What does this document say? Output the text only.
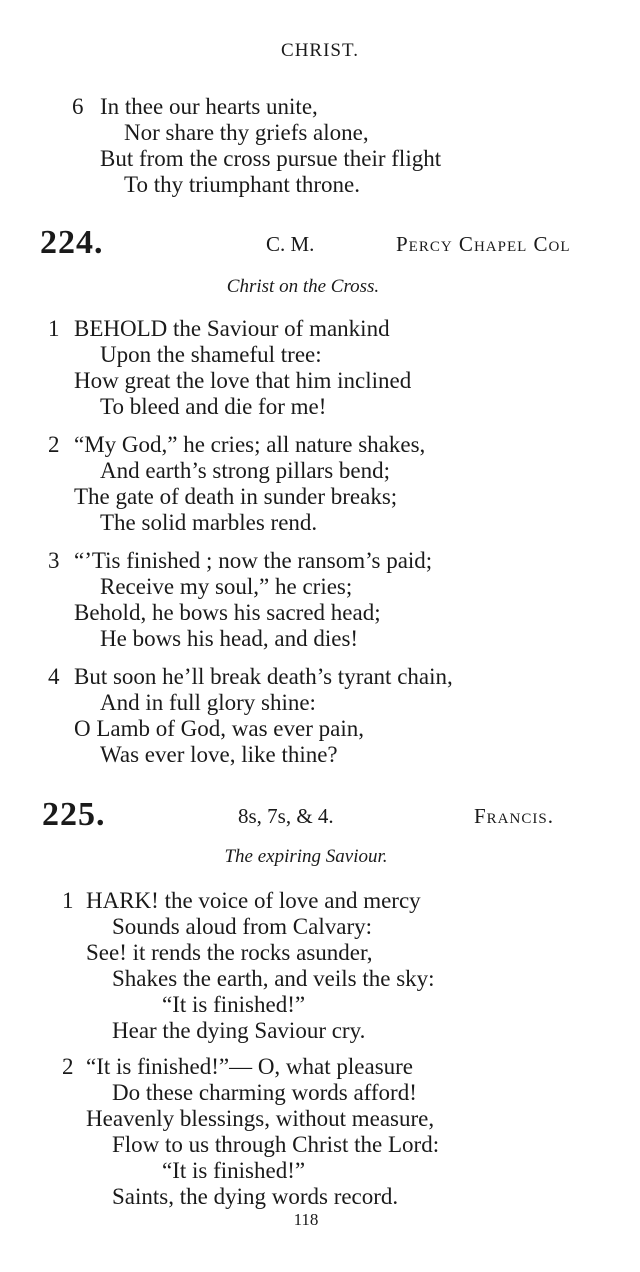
CHRIST.
6 In thee our hearts unite,
Nor share thy griefs alone,
But from the cross pursue their flight
To thy triumphant throne.
224.	C. M.	Percy Chapel Col
Christ on the Cross.
1 BEHOLD the Saviour of mankind
Upon the shameful tree:
How great the love that him inclined
To bleed and die for me!
2 “My God,” he cries; all nature shakes,
And earth’s strong pillars bend;
The gate of death in sunder breaks;
The solid marbles rend.
3 “’Tis finished ; now the ransom’s paid;
Receive my soul,” he cries;
Behold, he bows his sacred head;
He bows his head, and dies!
4 But soon he’ll break death’s tyrant chain,
And in full glory shine:
O Lamb of God, was ever pain,
Was ever love, like thine?
225.	8s, 7s, & 4.	Francis.
The expiring Saviour.
1 HARK! the voice of love and mercy
Sounds aloud from Calvary:
See! it rends the rocks asunder,
Shakes the earth, and veils the sky:
“It is finished!”
Hear the dying Saviour cry.
2 “It is finished!”— O, what pleasure
Do these charming words afford!
Heavenly blessings, without measure,
Flow to us through Christ the Lord:
“It is finished!”
Saints, the dying words record.
118
